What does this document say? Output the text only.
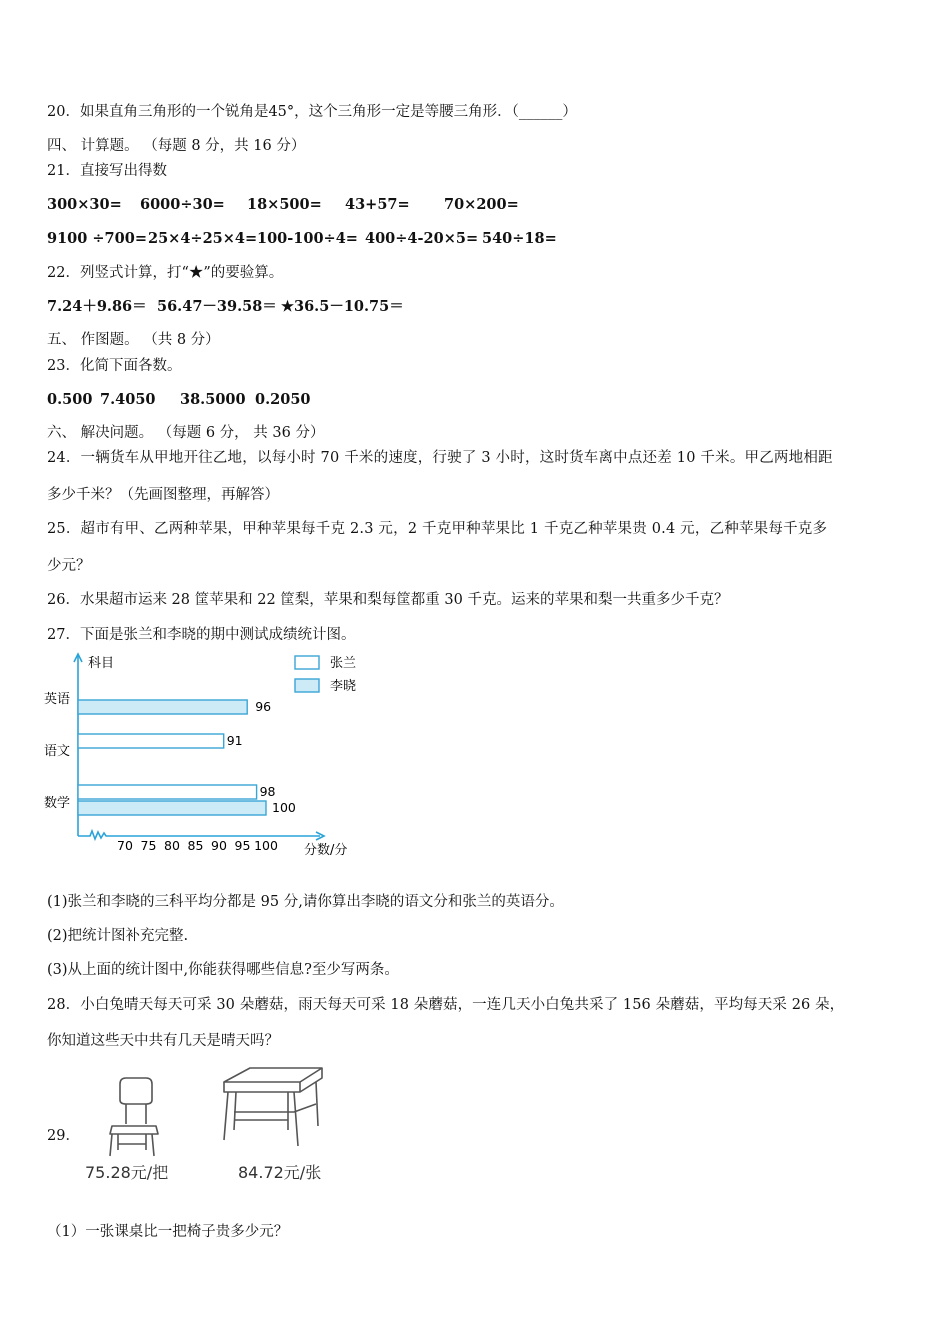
20．如果直角三角形的一个锐角是45°，这个三角形一定是等腰三角形．（______）
四、 计算题。 （每题 8 分，共 16 分）
21．直接写出得数
300×30= 6000÷30= 18×500= 43+57= 70×200=
9100 ÷700=25×4÷25×4=100-100÷4= 400÷4-20×5= 540÷18=
22．列竖式计算，打“★”的要验算。
7.24＋9.86＝ 56.47－39.58＝ ★36.5－10.75＝
五、 作图题。 （共 8 分）
23．化简下面各数。
0.500 7.4050 38.5000 0.2050
六、 解决问题。 （每题 6 分， 共 36 分）
24．一辆货车从甲地开往乙地，以每小时 70 千米的速度，行驶了 3 小时，这时货车离中点还差 10 千米。甲乙两地相距
多少千米？（先画图整理，再解答）
25．超市有甲、乙两种苹果，甲种苹果每千克 2.3 元，2 千克甲种苹果比 1 千克乙种苹果贵 0.4 元，乙种苹果每千克多
少元？
26．水果超市运来 28 筐苹果和 22 筐梨，苹果和梨每筐都重 30 千克。运来的苹果和梨一共重多少千克？
27．下面是张兰和李晓的期中测试成绩统计图。
科目
分数/分
70 75 80 85 90 95 100
张兰
李晓
英语
语文
数学
96
91
98
100
(1)张兰和李晓的三科平均分都是 95 分,请你算出李晓的语文分和张兰的英语分。
(2)把统计图补充完整.
(3)从上面的统计图中,你能获得哪些信息?至少写两条。
28．小白兔晴天每天可采 30 朵蘑菇，雨天每天可采 18 朵蘑菇，一连几天小白兔共采了 156 朵蘑菇，平均每天采 26 朵，
你知道这些天中共有几天是晴天吗？
29．
75.28元/把	84.72元/张
（1）一张课桌比一把椅子贵多少元？
